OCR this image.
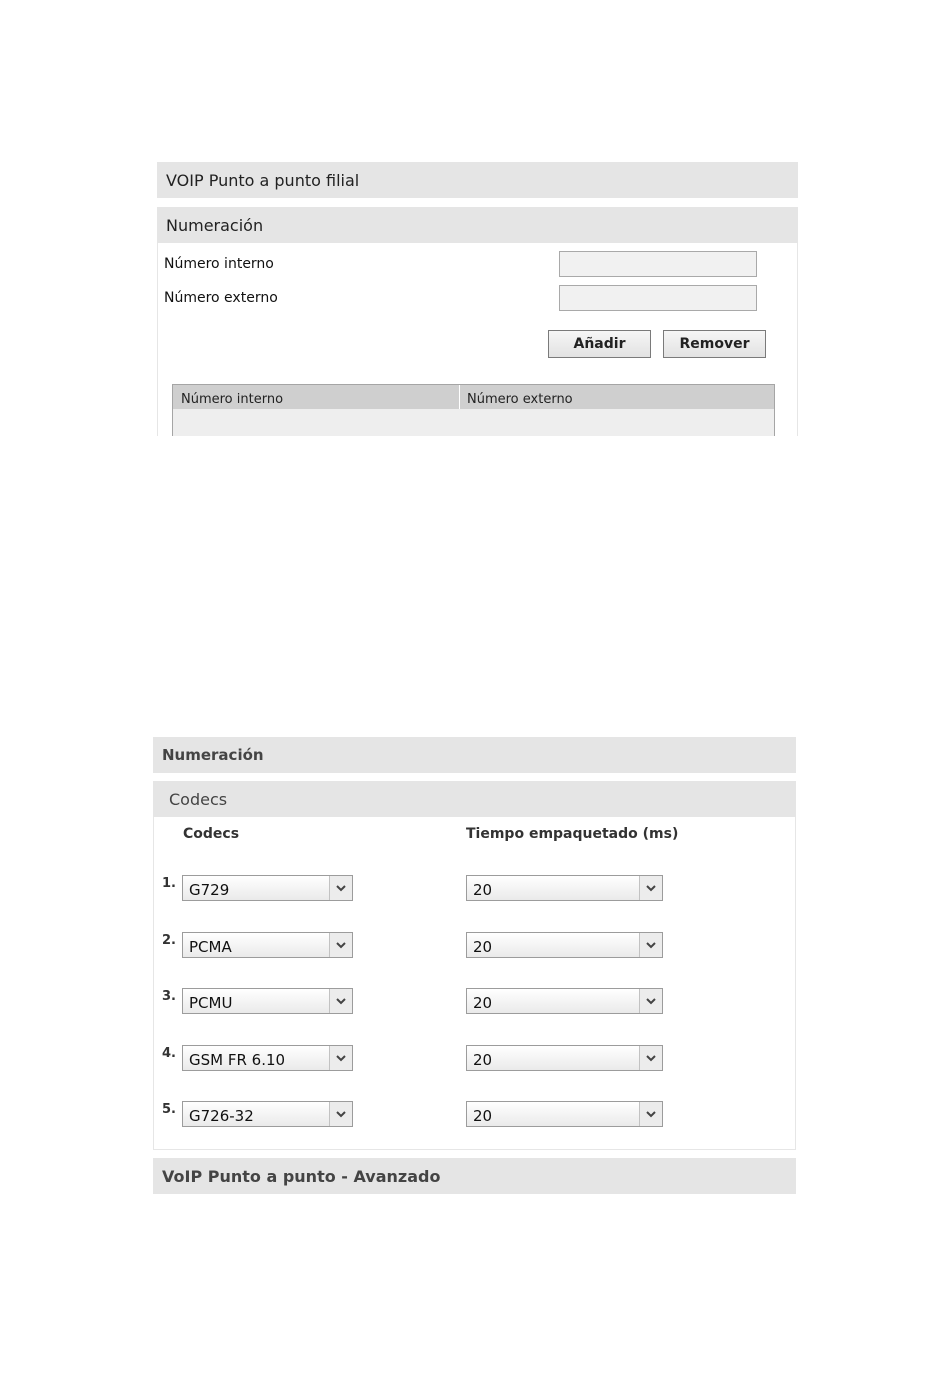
VOIP Punto a punto filial
Numeración
Número interno
Número externo
Añadir	Remover
Número interno	Número externo
Numeración
Codecs
Codecs	Tiempo empaquetado (ms)
1. G729	20
2. PCMA	20
3. PCMU	20
4. GSM FR 6.10	20
5. G726-32	20
VoIP Punto a punto - Avanzado
